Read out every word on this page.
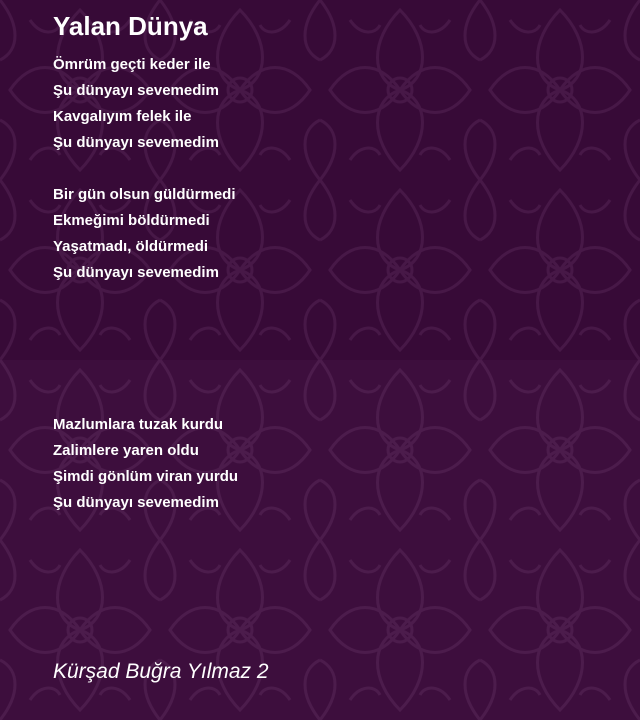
Yalan Dünya
Ömrüm geçti keder ile
Şu dünyayı sevemedim
Kavgalıyım felek ile
Şu dünyayı sevemedim
Bir gün olsun güldürmedi
Ekmeğimi böldürmedi
Yaşatmadı, öldürmedi
Şu dünyayı sevemedim
Mazlumlara tuzak kurdu
Zalimlere yaren oldu
Şimdi gönlüm viran yurdu
Şu dünyayı sevemedim

Kürşad Buğra Yılmaz 2
